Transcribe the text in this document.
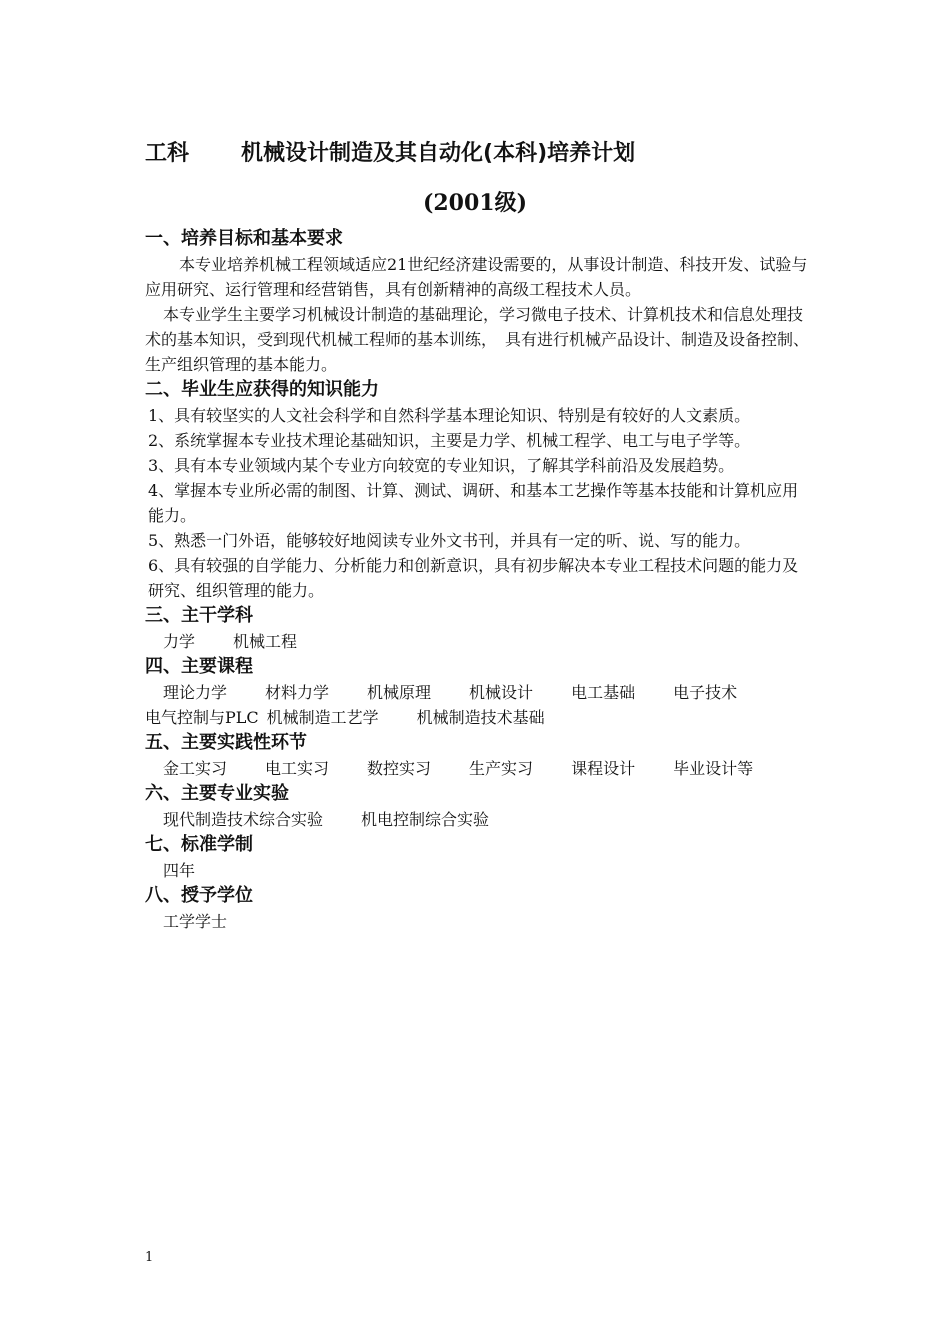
工科 机械设计制造及其自动化(本科)培养计划
(2001级)
一、培养目标和基本要求

本专业培养机械工程领域适应21世纪经济建设需要的，从事设计制造、科技开发、试验与应用研究、运行管理和经营销售，具有创新精神的高级工程技术人员。

本专业学生主要学习机械设计制造的基础理论，学习微电子技术、计算机技术和信息处理技术的基本知识，受到现代机械工程师的基本训练，　具有进行机械产品设计、制造及设备控制、生产组织管理的基本能力。

二、毕业生应获得的知识能力

1、具有较坚实的人文社会科学和自然科学基本理论知识、特别是有较好的人文素质。

2、系统掌握本专业技术理论基础知识，主要是力学、机械工程学、电工与电子学等。

3、具有本专业领域内某个专业方向较宽的专业知识，了解其学科前沿及发展趋势。

4、掌握本专业所必需的制图、计算、测试、调研、和基本工艺操作等基本技能和计算机应用能力。

5、熟悉一门外语，能够较好地阅读专业外文书刊，并具有一定的听、说、写的能力。

6、具有较强的自学能力、分析能力和创新意识，具有初步解决本专业工程技术问题的能力及研究、组织管理的能力。

三、主干学科
力学 机械工程
四、主要课程
理论力学 材料力学 机械原理 机械设计 电工基础 电子技术
电气控制与PLC 机械制造工艺学 机械制造技术基础
五、主要实践性环节
金工实习 电工实习 数控实习 生产实习 课程设计 毕业设计等
六、主要专业实验
现代制造技术综合实验 机电控制综合实验
七、标准学制
四年
八、授予学位
工学学士
1
